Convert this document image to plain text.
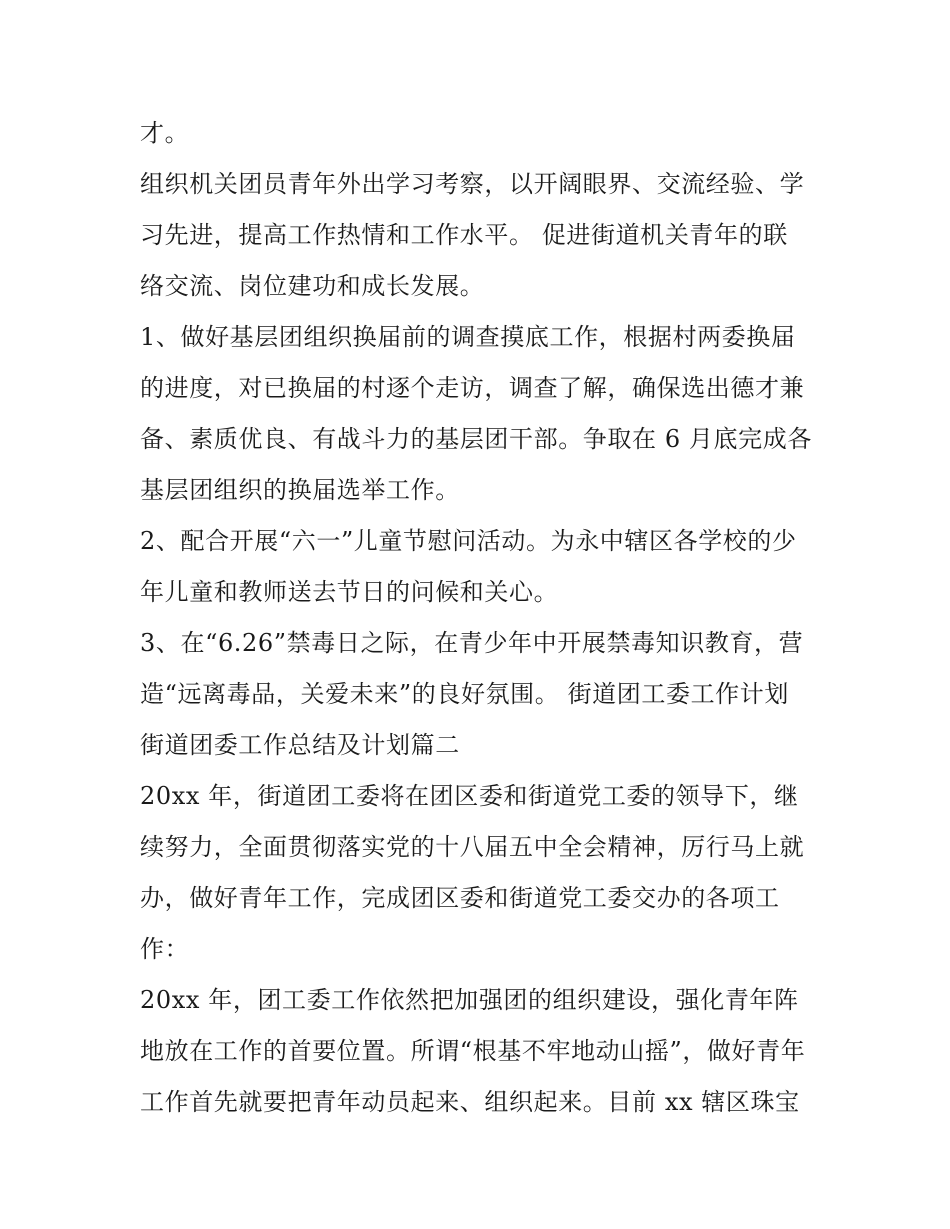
才。
组织机关团员青年外出学习考察，以开阔眼界、交流经验、学
习先进，提高工作热情和工作水平。 促进街道机关青年的联
络交流、岗位建功和成长发展。
1、做好基层团组织换届前的调查摸底工作，根据村两委换届
的进度，对已换届的村逐个走访，调查了解，确保选出德才兼
备、素质优良、有战斗力的基层团干部。争取在 6 月底完成各
基层团组织的换届选举工作。
2、配合开展“六一”儿童节慰问活动。为永中辖区各学校的少
年儿童和教师送去节日的问候和关心。
3、在“6.26”禁毒日之际，在青少年中开展禁毒知识教育，营
造“远离毒品，关爱未来”的良好氛围。 街道团工委工作计划
街道团委工作总结及计划篇二
20xx 年，街道团工委将在团区委和街道党工委的领导下，继
续努力，全面贯彻落实党的十八届五中全会精神，厉行马上就
办，做好青年工作，完成团区委和街道党工委交办的各项工
作：
20xx 年，团工委工作依然把加强团的组织建设，强化青年阵
地放在工作的首要位置。所谓“根基不牢地动山摇”，做好青年
工作首先就要把青年动员起来、组织起来。目前 xx 辖区珠宝
